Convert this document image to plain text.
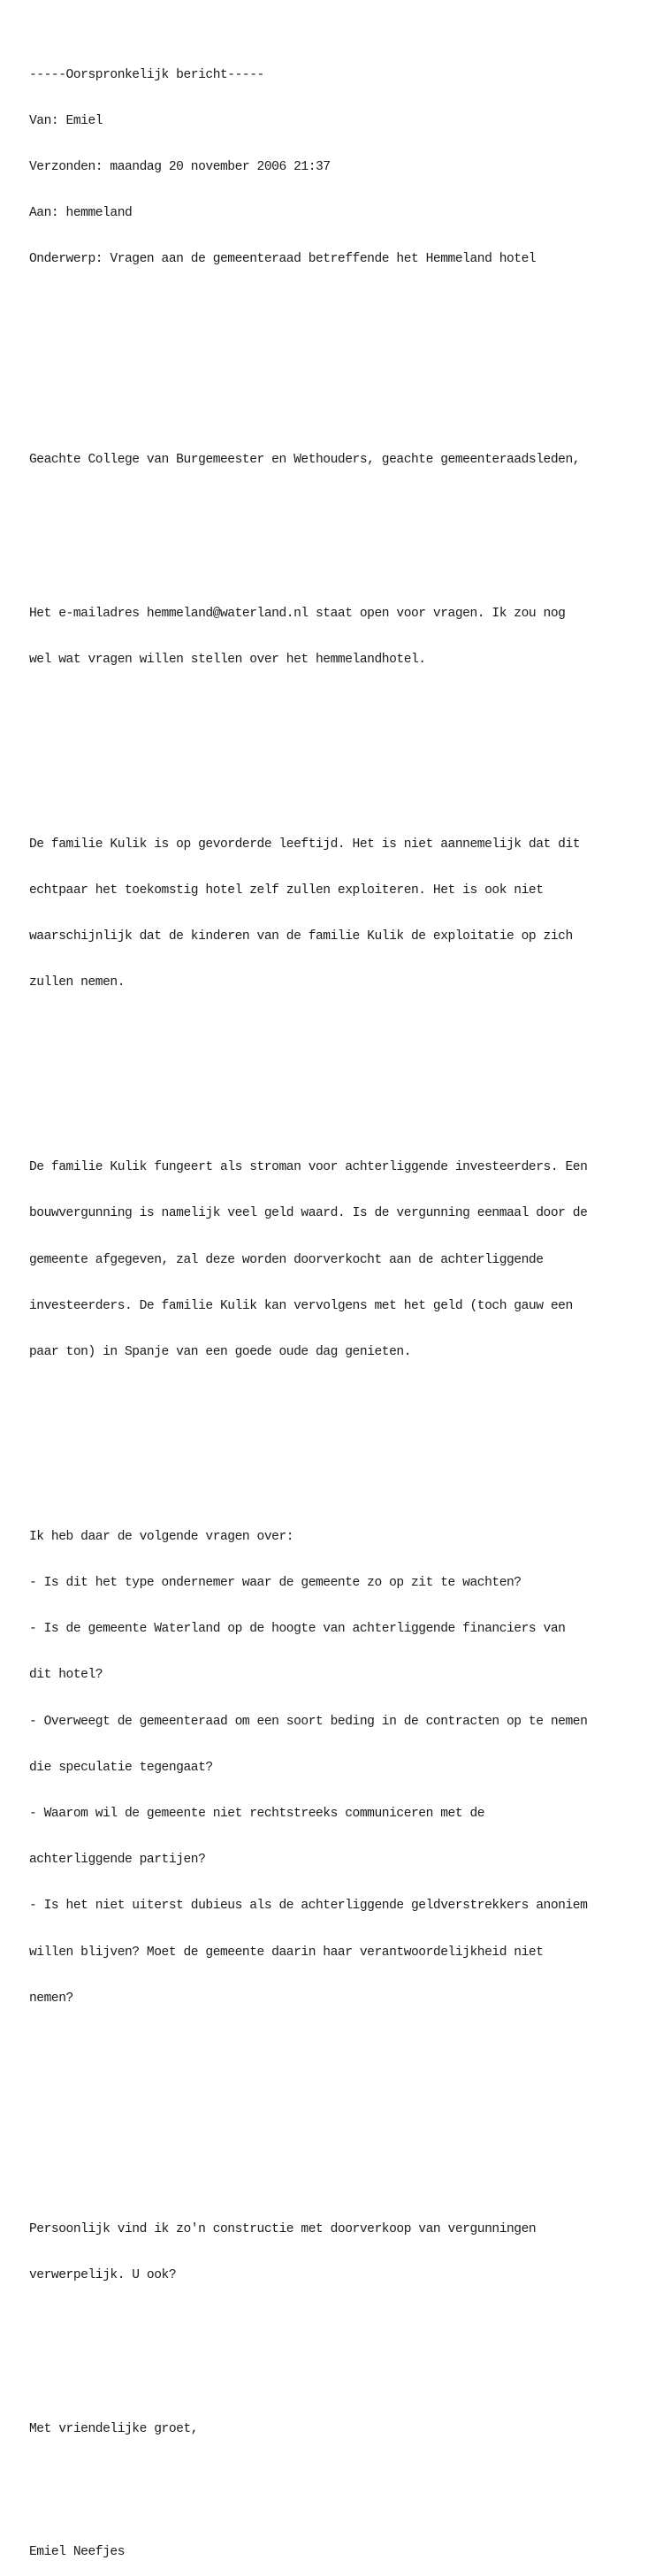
-----Oorspronkelijk bericht-----

Van: Emiel

Verzonden: maandag 20 november 2006 21:37

Aan: hemmeland

Onderwerp: Vragen aan de gemeenteraad betreffende het Hemmeland hotel

Geachte College van Burgemeester en Wethouders, geachte gemeenteraadsleden,

Het e-mailadres hemmeland@waterland.nl staat open voor vragen. Ik zou nog

wel wat vragen willen stellen over het hemmelandhotel.

De familie Kulik is op gevorderde leeftijd. Het is niet aannemelijk dat dit

echtpaar het toekomstig hotel zelf zullen exploiteren. Het is ook niet

waarschijnlijk dat de kinderen van de familie Kulik de exploitatie op zich

zullen nemen.

De familie Kulik fungeert als stroman voor achterliggende investeerders. Een

bouwvergunning is namelijk veel geld waard. Is de vergunning eenmaal door de

gemeente afgegeven, zal deze worden doorverkocht aan de achterliggende

investeerders. De familie Kulik kan vervolgens met het geld (toch gauw een

paar ton) in Spanje van een goede oude dag genieten.

Ik heb daar de volgende vragen over:

- Is dit het type ondernemer waar de gemeente zo op zit te wachten?

- Is de gemeente Waterland op de hoogte van achterliggende financiers van

dit hotel?

- Overweegt de gemeenteraad om een soort beding in de contracten op te nemen

die speculatie tegengaat?

- Waarom wil de gemeente niet rechtstreeks communiceren met de

achterliggende partijen?

- Is het niet uiterst dubieus als de achterliggende geldverstrekkers anoniem

willen blijven? Moet de gemeente daarin haar verantwoordelijkheid niet

nemen?

Persoonlijk vind ik zo'n constructie met doorverkoop van vergunningen

verwerpelijk. U ook?

Met vriendelijke groet,

Emiel Neefjes
